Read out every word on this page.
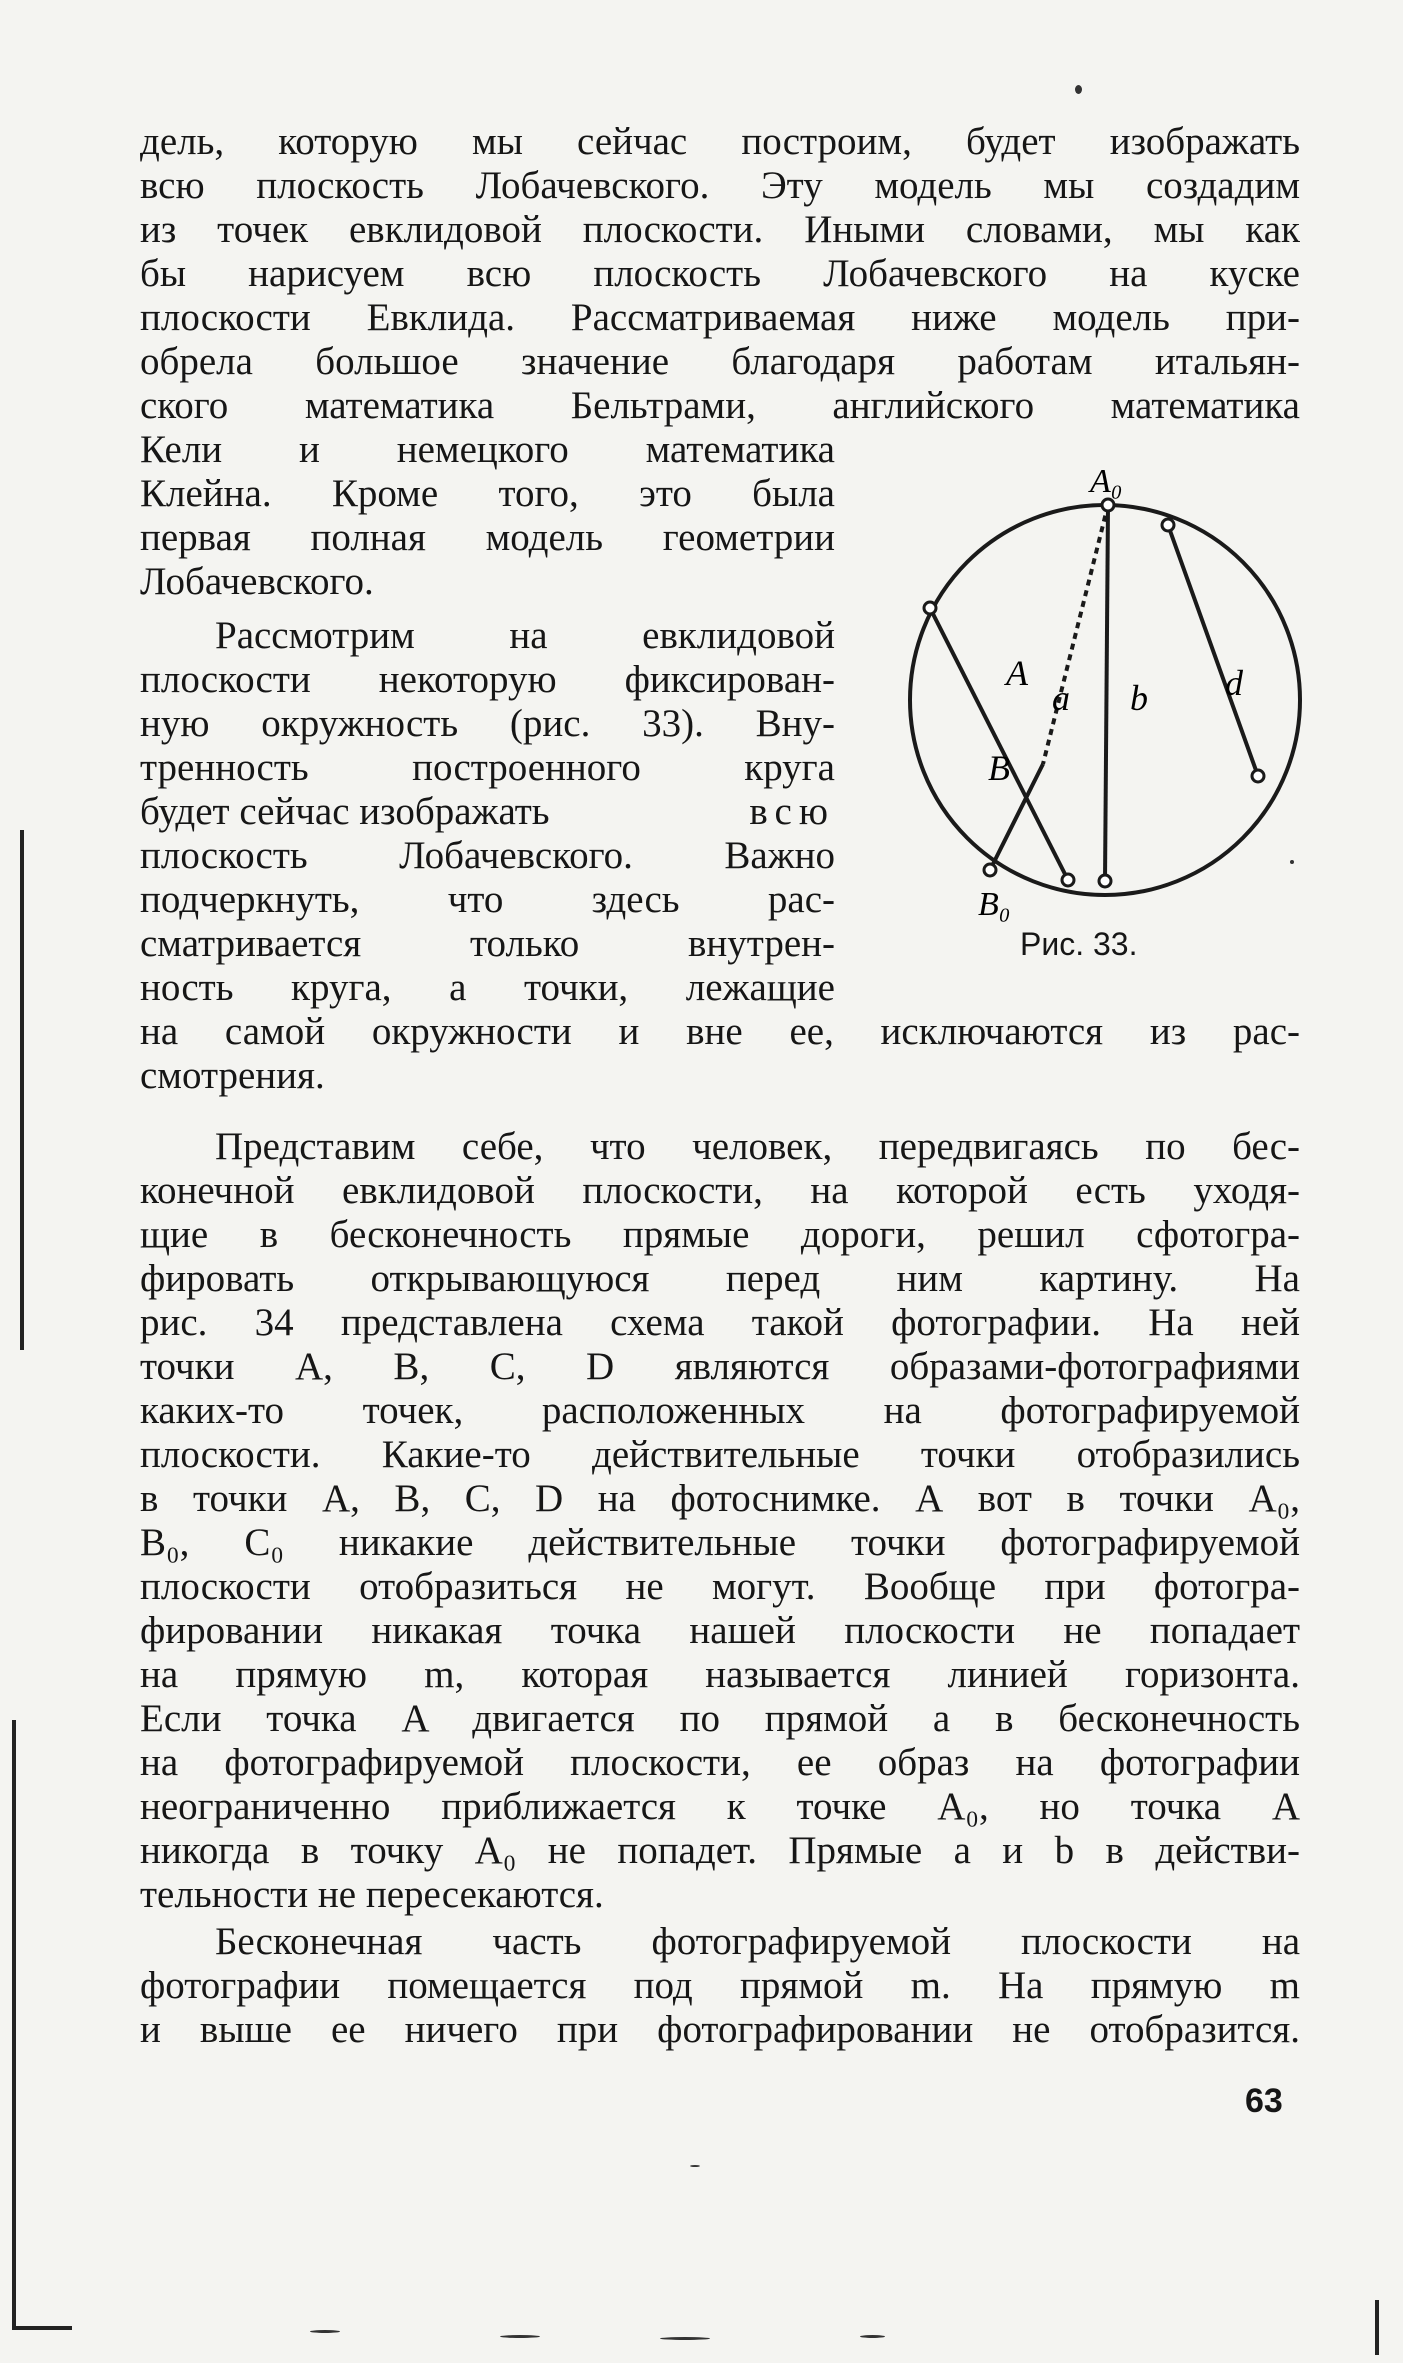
дель, которую мы сейчас построим, будет изображать
всю плоскость Лобачевского. Эту модель мы создадим
из точек евклидовой плоскости. Иными словами, мы как
бы нарисуем всю плоскость Лобачевского на куске
плоскости Евклида. Рассматриваемая ниже модель при-
обрела большое значение благодаря работам итальян-
ского математика Бельтрами, английского математика
Кели и немецкого математика
Клейна. Кроме того, это была
первая полная модель геометрии
Лобачевского.
Рассмотрим на евклидовой
плоскости некоторую фиксирован-
ную окружность (рис. 33). Вну-
тренность построенного круга
будет сейчас изображать	всю
плоскость Лобачевского. Важно
подчеркнуть, что здесь рас-
сматривается только внутрен-
ность круга, а точки, лежащие
на самой окружности и вне ее, исключаются из рас-
смотрения.
A₀
A
a b d
B
B₀
Рис. 33.
Представим себе, что человек, передвигаясь по бес-
конечной евклидовой плоскости, на которой есть уходя-
щие в бесконечность прямые дороги, решил сфотогра-
фировать открывающуюся перед ним картину. На
рис. 34 представлена схема такой фотографии. На ней
точки A, B, C, D являются образами-фотографиями
каких-то точек, расположенных на фотографируемой
плоскости. Какие-то действительные точки отобразились
в точки A, B, C, D на фотоснимке. А вот в точки A₀,
B₀, C₀ никакие действительные точки фотографируемой
плоскости отобразиться не могут. Вообще при фотогра-
фировании никакая точка нашей плоскости не попадает
на прямую m, которая называется линией горизонта.
Если точка A двигается по прямой a в бесконечность
на фотографируемой плоскости, ее образ на фотографии
неограниченно приближается к точке A₀, но точка A
никогда в точку A₀ не попадет. Прямые a и b в действи-
тельности не пересекаются.
Бесконечная часть фотографируемой плоскости на
фотографии помещается под прямой m. На прямую m
и выше ее ничего при фотографировании не отобразится.
63
